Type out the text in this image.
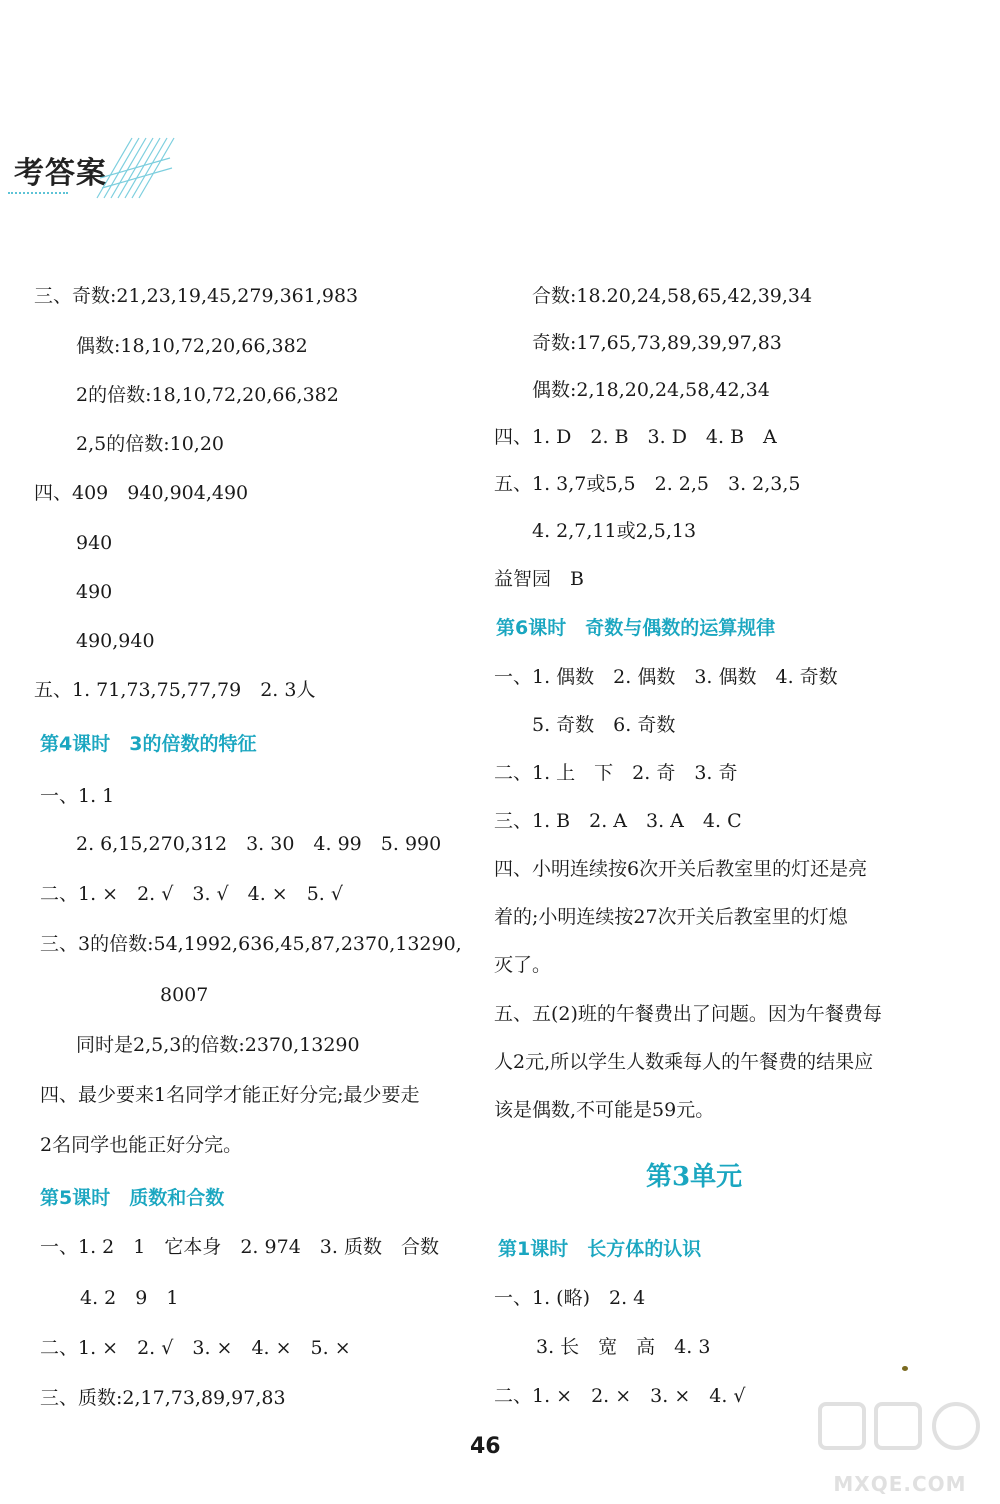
考答案
三、奇数:21,23,19,45,279,361,983
偶数:18,10,72,20,66,382
2的倍数:18,10,72,20,66,382
2,5的倍数:10,20
四、409　940,904,490
940
490
490,940
五、1. 71,73,75,77,79　2. 3人
第4课时　3的倍数的特征
一、1. 1
2. 6,15,270,312　3. 30　4. 99　5. 990
二、1. ×　2. √　3. √　4. ×　5. √
三、3的倍数:54,1992,636,45,87,2370,13290,
8007
同时是2,5,3的倍数:2370,13290
四、最少要来1名同学才能正好分完;最少要走
2名同学也能正好分完。
第5课时　质数和合数
一、1. 2　1　它本身　2. 974　3. 质数　合数
4. 2　9　1
二、1. ×　2. √　3. ×　4. ×　5. ×
三、质数:2,17,73,89,97,83
合数:18.20,24,58,65,42,39,34
奇数:17,65,73,89,39,97,83
偶数:2,18,20,24,58,42,34
四、1. D　2. B　3. D　4. B　A
五、1. 3,7或5,5　2. 2,5　3. 2,3,5
4. 2,7,11或2,5,13
益智园　B
第6课时　奇数与偶数的运算规律
一、1. 偶数　2. 偶数　3. 偶数　4. 奇数
5. 奇数　6. 奇数
二、1. 上　下　2. 奇　3. 奇
三、1. B　2. A　3. A　4. C
四、小明连续按6次开关后教室里的灯还是亮
着的;小明连续按27次开关后教室里的灯熄
灭了。
五、五(2)班的午餐费出了问题。因为午餐费每
人2元,所以学生人数乘每人的午餐费的结果应
该是偶数,不可能是59元。
第3单元
第1课时　长方体的认识
一、1. (略)　2. 4
3. 长　宽　高　4. 3
二、1. ×　2. ×　3. ×　4. √
46
MXQE.COM
